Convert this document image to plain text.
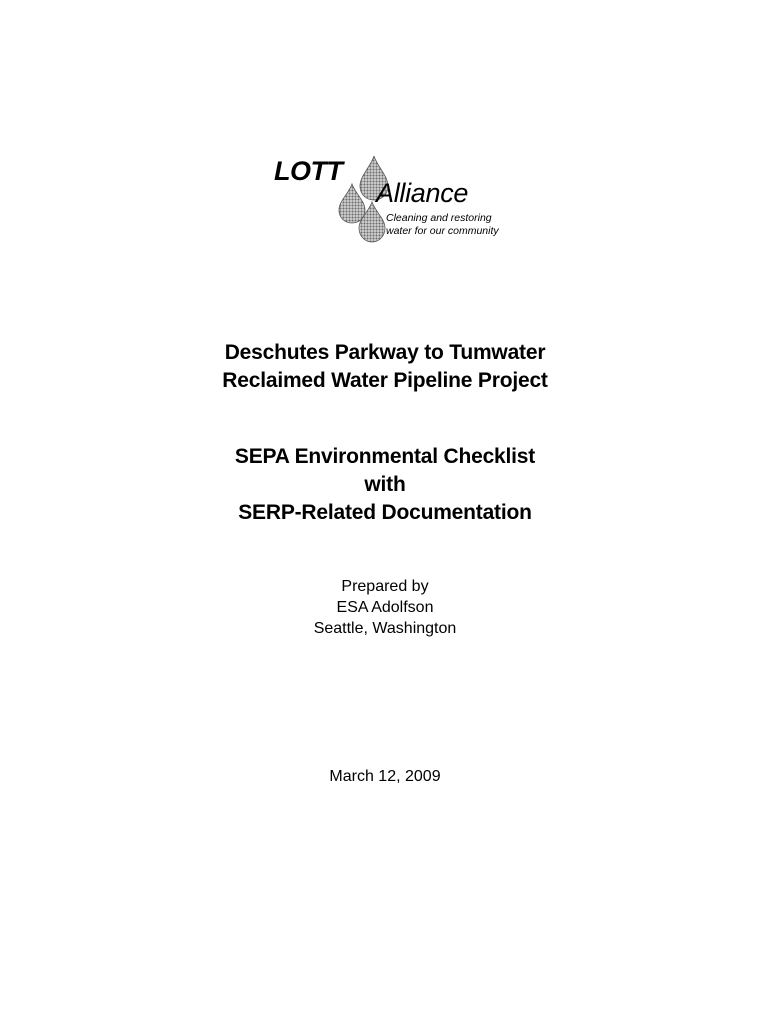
LOTT
Alliance
Cleaning and restoring
water for our community
Deschutes Parkway to Tumwater
Reclaimed Water Pipeline Project
SEPA Environmental Checklist
with
SERP-Related Documentation
Prepared by
ESA Adolfson
Seattle, Washington
March 12, 2009
